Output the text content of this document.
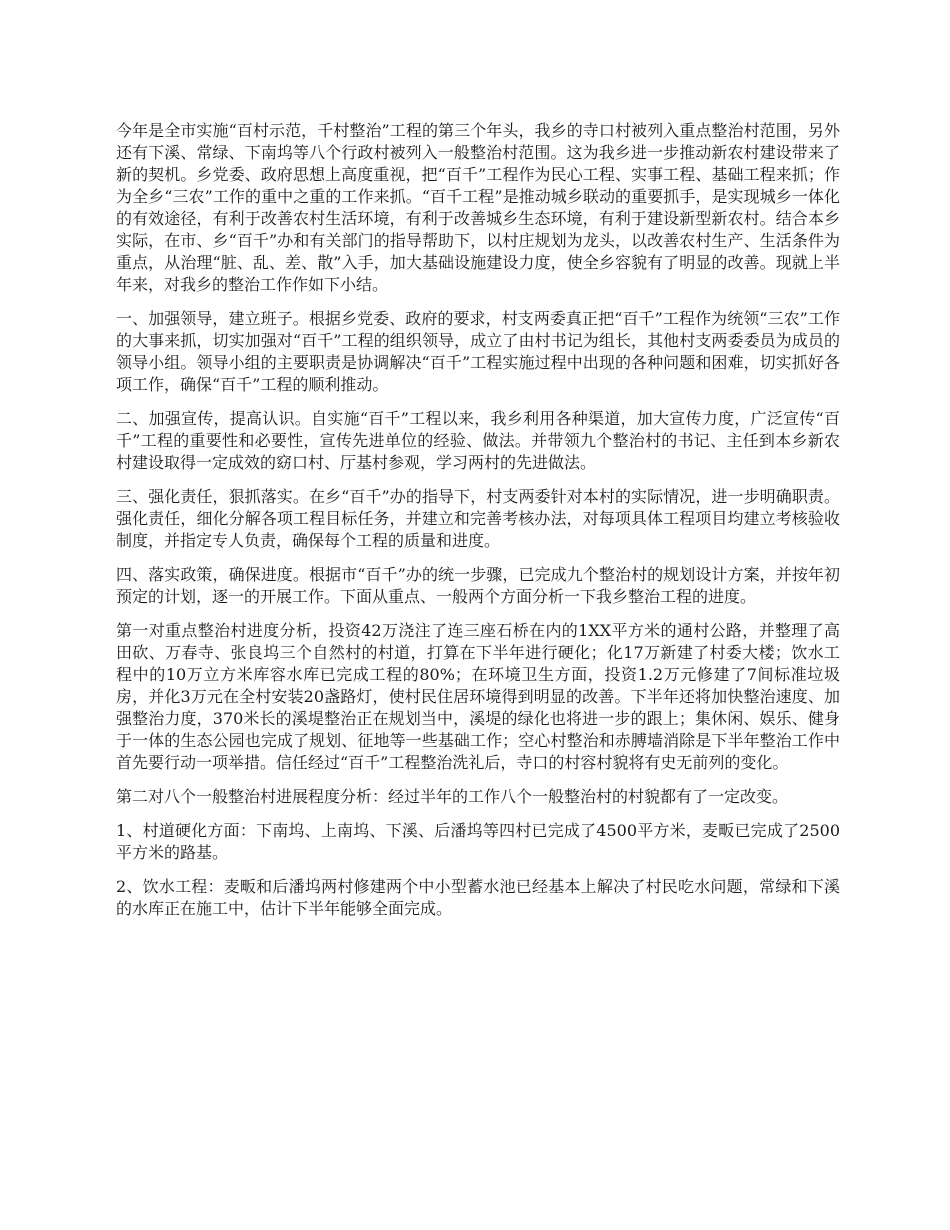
今年是全市实施“百村示范，千村整治”工程的第三个年头，我乡的寺口村被列入重点整治村范围，另外还有下溪、常绿、下南坞等八个行政村被列入一般整治村范围。这为我乡进一步推动新农村建设带来了新的契机。乡党委、政府思想上高度重视，把“百千”工程作为民心工程、实事工程、基础工程来抓；作为全乡“三农”工作的重中之重的工作来抓。“百千工程”是推动城乡联动的重要抓手，是实现城乡一体化的有效途径，有利于改善农村生活环境，有利于改善城乡生态环境，有利于建设新型新农村。结合本乡实际，在市、乡“百千”办和有关部门的指导帮助下，以村庄规划为龙头，以改善农村生产、生活条件为重点，从治理“脏、乱、差、散”入手，加大基础设施建设力度，使全乡容貌有了明显的改善。现就上半年来，对我乡的整治工作作如下小结。

一、加强领导，建立班子。根据乡党委、政府的要求，村支两委真正把“百千”工程作为统领“三农”工作的大事来抓，切实加强对“百千”工程的组织领导，成立了由村书记为组长，其他村支两委委员为成员的领导小组。领导小组的主要职责是协调解决“百千”工程实施过程中出现的各种问题和困难，切实抓好各项工作，确保“百千”工程的顺利推动。

二、加强宣传，提高认识。自实施“百千”工程以来，我乡利用各种渠道，加大宣传力度，广泛宣传“百千”工程的重要性和必要性，宣传先进单位的经验、做法。并带领九个整治村的书记、主任到本乡新农村建设取得一定成效的窈口村、厅基村参观，学习两村的先进做法。

三、强化责任，狠抓落实。在乡“百千”办的指导下，村支两委针对本村的实际情况，进一步明确职责。强化责任，细化分解各项工程目标任务，并建立和完善考核办法，对每项具体工程项目均建立考核验收制度，并指定专人负责，确保每个工程的质量和进度。

四、落实政策，确保进度。根据市“百千”办的统一步骤，已完成九个整治村的规划设计方案，并按年初预定的计划，逐一的开展工作。下面从重点、一般两个方面分析一下我乡整治工程的进度。

第一对重点整治村进度分析，投资42万浇注了连三座石桥在内的1XX平方米的通村公路，并整理了高田砍、万春寺、张良坞三个自然村的村道，打算在下半年进行硬化；化17万新建了村委大楼；饮水工程中的10万立方米库容水库已完成工程的80%；在环境卫生方面，投资1.2万元修建了7间标准垃圾房，并化3万元在全村安装20盏路灯，使村民住居环境得到明显的改善。下半年还将加快整治速度、加强整治力度，370米长的溪堤整治正在规划当中，溪堤的绿化也将进一步的跟上；集休闲、娱乐、健身于一体的生态公园也完成了规划、征地等一些基础工作；空心村整治和赤膊墙消除是下半年整治工作中首先要行动一项举措。信任经过“百千”工程整治洗礼后，寺口的村容村貌将有史无前列的变化。

第二对八个一般整治村进展程度分析：经过半年的工作八个一般整治村的村貌都有了一定改变。

1、村道硬化方面：下南坞、上南坞、下溪、后潘坞等四村已完成了4500平方米，麦畈已完成了2500平方米的路基。

2、饮水工程：麦畈和后潘坞两村修建两个中小型蓄水池已经基本上解决了村民吃水问题，常绿和下溪的水库正在施工中，估计下半年能够全面完成。
